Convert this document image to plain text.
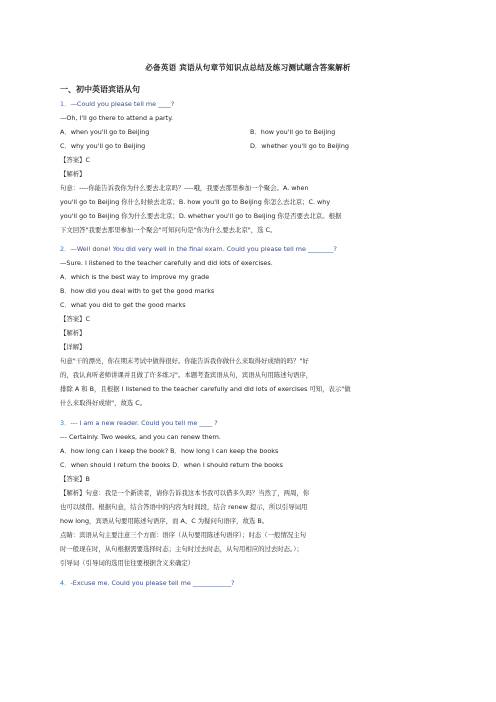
必备英语 宾语从句章节知识点总结及练习测试题含答案解析
一、初中英语宾语从句
1．—Could you please tell me ____?
—Oh, I'll go there to attend a party.
A．when you'll go to Beijing	B．how you'll go to Beijing
C．why you'll go to Beijing	D．whether you'll go to Beijing
【答案】C
【解析】
句意：----你能告诉我你为什么要去北京吗？----哦，我要去那里参加一个聚会。A. when
you'll go to Beijing 你什么时候去北京；B. how you'll go to Beijing 你怎么去北京；C. why
you'll go to Beijing 你为什么要去北京；D. whether you'll go to Beijing 你是否要去北京。根据
下文回答"我要去那里参加一个聚会"可知问句是"你为什么要去北京"，选 C。
2．—Well done! You did very well in the final exam. Could you please tell me ________?
—Sure. I listened to the teacher carefully and did lots of exercises.
A．which is the best way to improve my grade
B．how did you deal with to get the good marks
C．what you did to get the good marks
【答案】C
【解析】
【详解】
句意"干的漂亮，你在期末考试中做得很好。你能告诉我你做什么来取得好成绩的吗？"好
的，我认真听老师讲课并且做了许多练习"。本题考查宾语从句，宾语从句用陈述句语序，
排除 A 和 B，且根据 I listened to the teacher carefully and did lots of exercises 可知，表示"做
什么来取得好成绩"，故选 C。
3．--- I am a new reader. Could you tell me ____ ?
--- Certainly. Two weeks, and you can renew them.
A．how long can I keep the book? B．how long I can keep the books
C．when should I return the books D．when I should return the books
【答案】B
【解析】句意：我是一个新读者，请你告诉我这本书我可以借多久吗？当然了，两周，你
也可以续借。根据句意，结合答语中的内容为时间段，结合 renew 提示，所以引导词用
how long，宾语从句要用陈述句语序，而 A、C 为疑问句语序，故选 B。
点睛：宾语从句主要注意三个方面：语序（从句要用陈述句语序）；时态（一般情况主句
时一般现在时，从句根据需要选择时态；主句时过去时态，从句用相应的过去时态。）；
引导词（引导词的选用往往要根据含义来确定）
4．-Excuse me. Could you please tell me ____________?
